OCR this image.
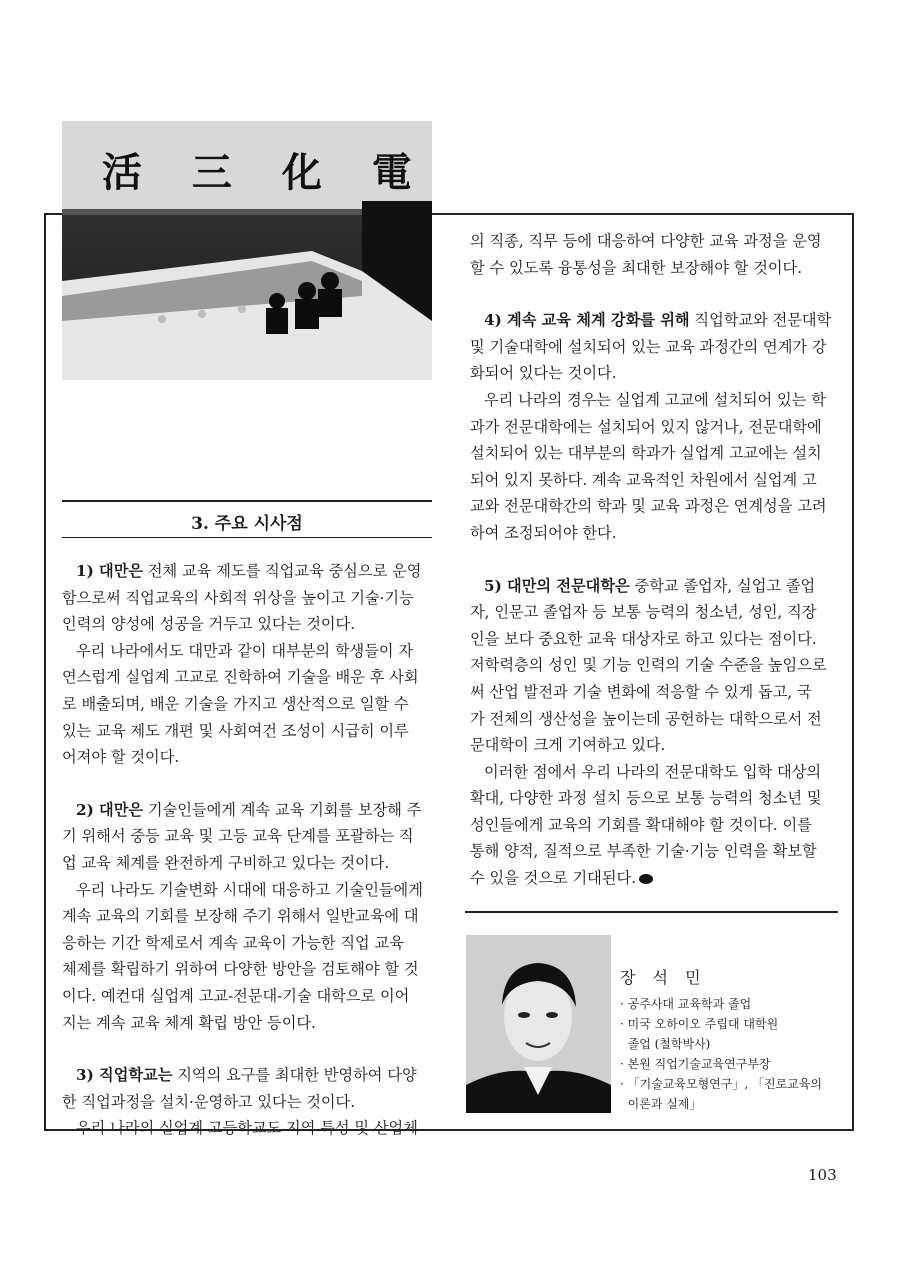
活 三 化 電
의 직종, 직무 등에 대응하여 다양한 교육 과정을 운영
할 수 있도록 융통성을 최대한 보장해야 할 것이다.
4) 계속 교육 체계 강화를 위해 직업학교와 전문대학
및 기술대학에 설치되어 있는 교육 과정간의 연계가 강
화되어 있다는 것이다.
우리 나라의 경우는 실업계 고교에 설치되어 있는 학
과가 전문대학에는 설치되어 있지 않거나, 전문대학에
설치되어 있는 대부분의 학과가 실업계 고교에는 설치
되어 있지 못하다. 계속 교육적인 차원에서 실업계 고
교와 전문대학간의 학과 및 교육 과정은 연계성을 고려
하여 조정되어야 한다.
5) 대만의 전문대학은 중학교 졸업자, 실업고 졸업
자, 인문고 졸업자 등 보통 능력의 청소년, 성인, 직장
인을 보다 중요한 교육 대상자로 하고 있다는 점이다.
저학력층의 성인 및 기능 인력의 기술 수준을 높임으로
써 산업 발전과 기술 변화에 적응할 수 있게 돕고, 국
가 전체의 생산성을 높이는데 공헌하는 대학으로서 전
문대학이 크게 기여하고 있다.
이러한 점에서 우리 나라의 전문대학도 입학 대상의
확대, 다양한 과정 설치 등으로 보통 능력의 청소년 및
성인들에게 교육의 기회를 확대해야 할 것이다. 이를
통해 양적, 질적으로 부족한 기술·기능 인력을 확보할
수 있을 것으로 기대된다.
3. 주요 시사점
1) 대만은 전체 교육 제도를 직업교육 중심으로 운영
함으로써 직업교육의 사회적 위상을 높이고 기술·기능
인력의 양성에 성공을 거두고 있다는 것이다.
우리 나라에서도 대만과 같이 대부분의 학생들이 자
연스럽게 실업계 고교로 진학하여 기술을 배운 후 사회
로 배출되며, 배운 기술을 가지고 생산적으로 일할 수
있는 교육 제도 개편 및 사회여건 조성이 시급히 이루
어져야 할 것이다.
2) 대만은 기술인들에게 계속 교육 기회를 보장해 주
기 위해서 중등 교육 및 고등 교육 단계를 포괄하는 직
업 교육 체계를 완전하게 구비하고 있다는 것이다.
우리 나라도 기술변화 시대에 대응하고 기술인들에게
계속 교육의 기회를 보장해 주기 위해서 일반교육에 대
응하는 기간 학제로서 계속 교육이 가능한 직업 교육
체제를 확립하기 위하여 다양한 방안을 검토해야 할 것
이다. 예컨대 실업계 고교-전문대-기술 대학으로 이어
지는 계속 교육 체계 확립 방안 등이다.
3) 직업학교는 지역의 요구를 최대한 반영하여 다양
한 직업과정을 설치·운영하고 있다는 것이다.
우리 나라의 실업계 고등학교도 지역 특성 및 산업체
장 석 민
· 공주사대 교육학과 졸업
· 미국 오하이오 주립대 대학원
졸업 (철학박사)
· 본원 직업기술교육연구부장
· 「기술교육모형연구」, 「진로교육의
이론과 실제」
103
